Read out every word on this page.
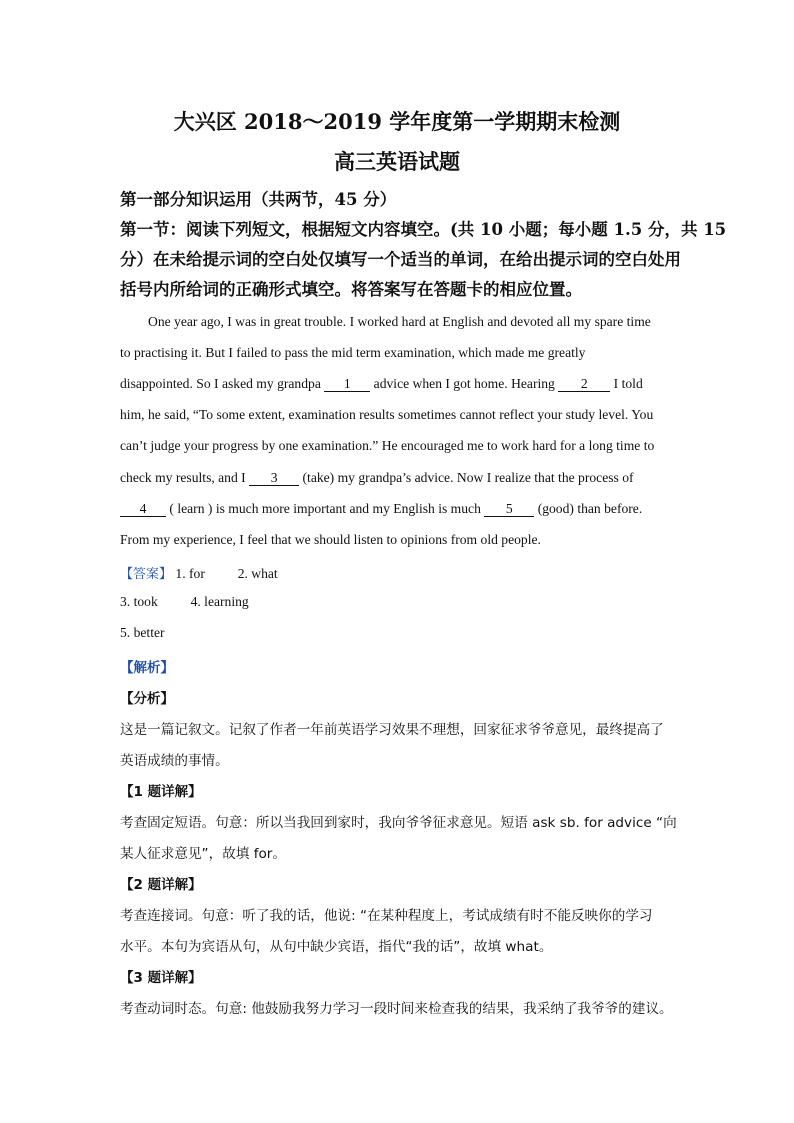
大兴区 2018～2019 学年度第一学期期末检测
高三英语试题
第一部分知识运用（共两节，45 分）
第一节：阅读下列短文，根据短文内容填空。(共 10 小题；每小题 1.5 分，共 15
分）在未给提示词的空白处仅填写一个适当的单词，在给出提示词的空白处用
括号内所给词的正确形式填空。将答案写在答题卡的相应位置。
One year ago, I was in great trouble. I worked hard at English and devoted all my spare time
to practising it. But I failed to pass the mid term examination, which made me greatly
disappointed. So I asked my grandpa 1 advice when I got home. Hearing 2 I told
him, he said, “To some extent, examination results sometimes cannot reflect your study level. You
can’t judge your progress by one examination.” He encouraged me to work hard for a long time to
check my results, and I 3 (take) my grandpa’s advice. Now I realize that the process of
4 ( learn ) is much more important and my English is much 5 (good) than before.
From my experience, I feel that we should listen to opinions from old people.
【答案】 1. for 2. what
3. took 4. learning
5. better
【解析】
【分析】
这是一篇记叙文。记叙了作者一年前英语学习效果不理想，回家征求爷爷意见，最终提高了
英语成绩的事情。
【1 题详解】
考查固定短语。句意：所以当我回到家时，我向爷爷征求意见。短语 ask sb. for advice “向
某人征求意见”，故填 for。
【2 题详解】
考查连接词。句意：听了我的话，他说: “在某种程度上，考试成绩有时不能反映你的学习
水平。本句为宾语从句，从句中缺少宾语，指代“我的话”，故填 what。
【3 题详解】
考查动词时态。句意: 他鼓励我努力学习一段时间来检查我的结果，我采纳了我爷爷的建议。
